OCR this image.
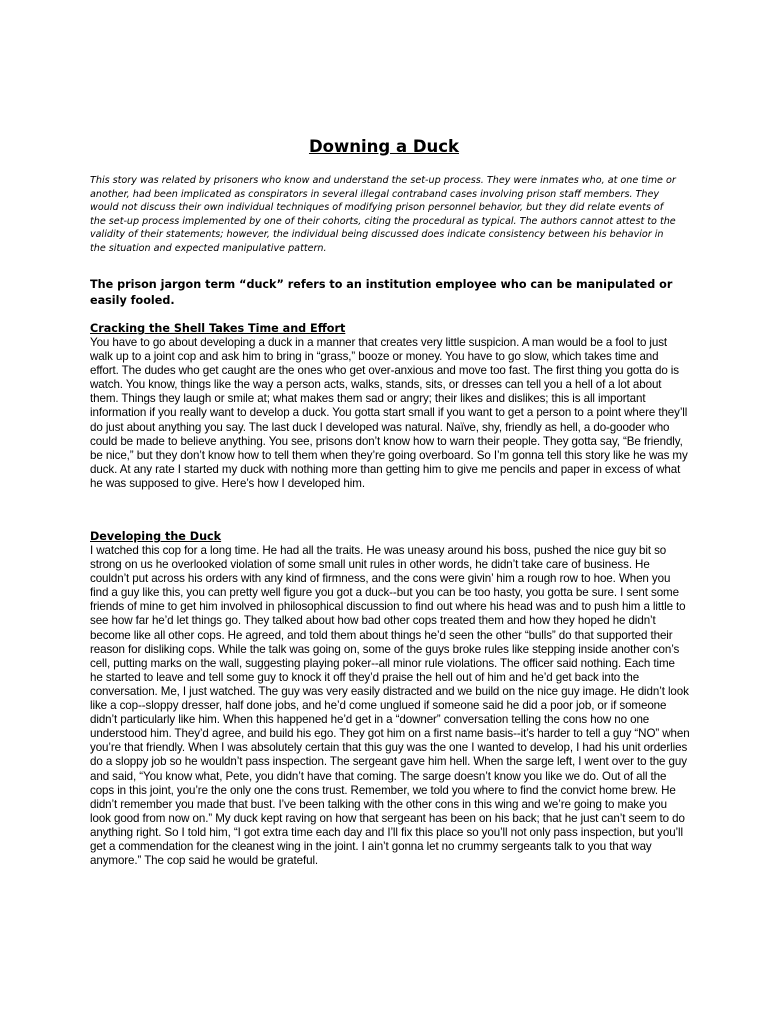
Downing a Duck

This story was related by prisoners who know and understand the set-up process. They were inmates who, at one time or another, had been implicated as conspirators in several illegal contraband cases involving prison staff members. They would not discuss their own individual techniques of modifying prison personnel behavior, but they did relate events of the set-up process implemented by one of their cohorts, citing the procedural as typical. The authors cannot attest to the validity of their statements; however, the individual being discussed does indicate consistency between his behavior in the situation and expected manipulative pattern.

The prison jargon term “duck” refers to an institution employee who can be manipulated or easily fooled.

Cracking the Shell Takes Time and Effort

You have to go about developing a duck in a manner that creates very little suspicion. A man would be a fool to just walk up to a joint cop and ask him to bring in “grass,” booze or money. You have to go slow, which takes time and effort. The dudes who get caught are the ones who get over-anxious and move too fast. The first thing you gotta do is watch. You know, things like the way a person acts, walks, stands, sits, or dresses can tell you a hell of a lot about them. Things they laugh or smile at; what makes them sad or angry; their likes and dislikes; this is all important information if you really want to develop a duck. You gotta start small if you want to get a person to a point where they’ll do just about anything you say. The last duck I developed was natural. Naïve, shy, friendly as hell, a do-gooder who could be made to believe anything. You see, prisons don’t know how to warn their people. They gotta say, “Be friendly, be nice,” but they don’t know how to tell them when they’re going overboard. So I’m gonna tell this story like he was my duck. At any rate I started my duck with nothing more than getting him to give me pencils and paper in excess of what he was supposed to give. Here’s how I developed him.

Developing the Duck

I watched this cop for a long time. He had all the traits. He was uneasy around his boss, pushed the nice guy bit so strong on us he overlooked violation of some small unit rules in other words, he didn’t take care of business. He couldn’t put across his orders with any kind of firmness, and the cons were givin’ him a rough row to hoe. When you find a guy like this, you can pretty well figure you got a duck--but you can be too hasty, you gotta be sure. I sent some friends of mine to get him involved in philosophical discussion to find out where his head was and to push him a little to see how far he’d let things go. They talked about how bad other cops treated them and how they hoped he didn’t become like all other cops. He agreed, and told them about things he’d seen the other “bulls” do that supported their reason for disliking cops. While the talk was going on, some of the guys broke rules like stepping inside another con’s cell, putting marks on the wall, suggesting playing poker--all minor rule violations. The officer said nothing. Each time he started to leave and tell some guy to knock it off they’d praise the hell out of him and he’d get back into the conversation. Me, I just watched. The guy was very easily distracted and we build on the nice guy image. He didn’t look like a cop--sloppy dresser, half done jobs, and he’d come unglued if someone said he did a poor job, or if someone didn’t particularly like him. When this happened he’d get in a “downer” conversation telling the cons how no one understood him. They’d agree, and build his ego. They got him on a first name basis--it’s harder to tell a guy “NO” when you’re that friendly. When I was absolutely certain that this guy was the one I wanted to develop, I had his unit orderlies do a sloppy job so he wouldn’t pass inspection. The sergeant gave him hell. When the sarge left, I went over to the guy and said, “You know what, Pete, you didn’t have that coming. The sarge doesn’t know you like we do. Out of all the cops in this joint, you’re the only one the cons trust. Remember, we told you where to find the convict home brew. He didn’t remember you made that bust. I’ve been talking with the other cons in this wing and we’re going to make you look good from now on.” My duck kept raving on how that sergeant has been on his back; that he just can’t seem to do anything right. So I told him, “I got extra time each day and I’ll fix this place so you’ll not only pass inspection, but you’ll get a commendation for the cleanest wing in the joint. I ain’t gonna let no crummy sergeants talk to you that way anymore.” The cop said he would be grateful.
